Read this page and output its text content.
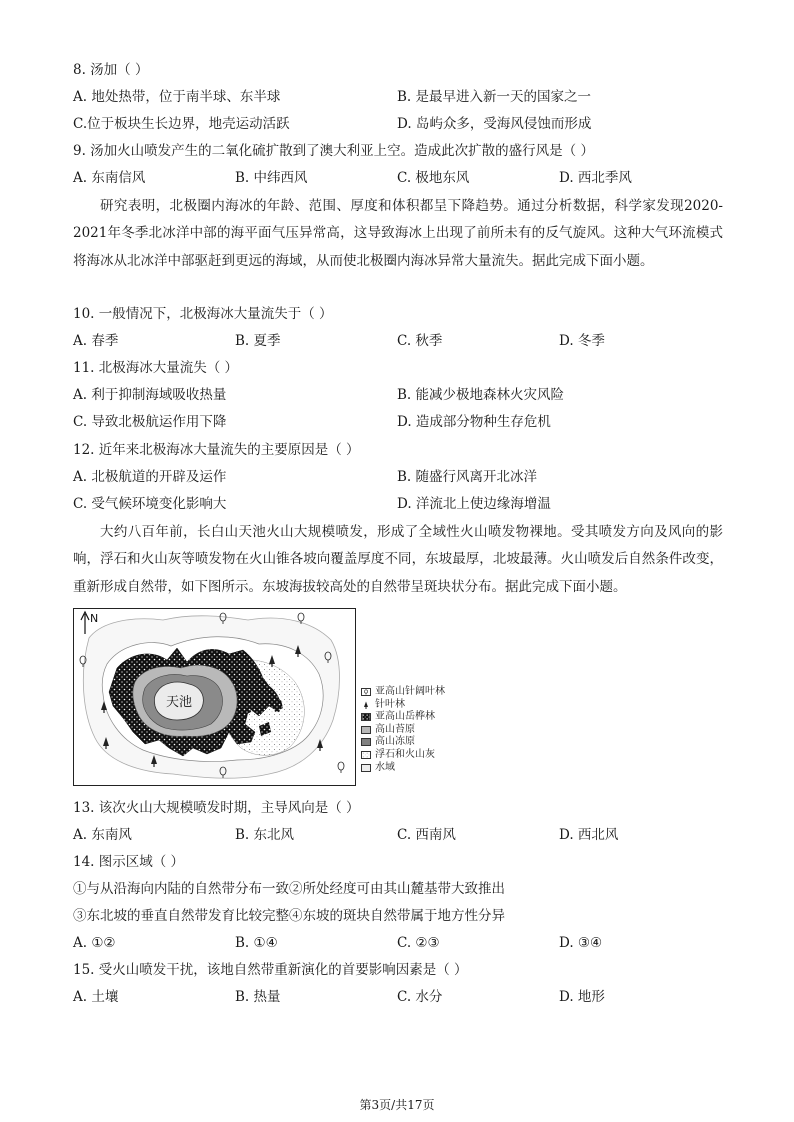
8. 汤加（ ）
A. 地处热带，位于南半球、东半球	B. 是最早进入新一天的国家之一
C.位于板块生长边界，地壳运动活跃	D. 岛屿众多，受海风侵蚀而形成
9. 汤加火山喷发产生的二氧化硫扩散到了澳大利亚上空。造成此次扩散的盛行风是（ ）
A. 东南信风	B. 中纬西风	C. 极地东风	D. 西北季风
研究表明，北极圈内海冰的年龄、范围、厚度和体积都呈下降趋势。通过分析数据，科学家发现2020-2021年冬季北冰洋中部的海平面气压异常高，这导致海冰上出现了前所未有的反气旋风。这种大气环流模式将海冰从北冰洋中部驱赶到更远的海域，从而使北极圈内海冰异常大量流失。据此完成下面小题。
10. 一般情况下，北极海冰大量流失于（ ）
A. 春季	B. 夏季	C. 秋季	D. 冬季
11. 北极海冰大量流失（ ）
A. 利于抑制海域吸收热量	B. 能减少极地森林火灾风险
C. 导致北极航运作用下降	D. 造成部分物种生存危机
12. 近年来北极海冰大量流失的主要原因是（ ）
A. 北极航道的开辟及运作	B. 随盛行风离开北冰洋
C. 受气候环境变化影响大	D. 洋流北上使边缘海增温
大约八百年前，长白山天池火山大规模喷发，形成了全域性火山喷发物裸地。受其喷发方向及风向的影响，浮石和火山灰等喷发物在火山锥各坡向覆盖厚度不同，东坡最厚，北坡最薄。火山喷发后自然条件改变，重新形成自然带，如下图所示。东坡海拔较高处的自然带呈斑块状分布。据此完成下面小题。
天池
N
亚高山针阔叶林
针叶林
亚高山岳桦林
高山苔原
高山冻原
浮石和火山灰
水域
13. 该次火山大规模喷发时期，主导风向是（ ）
A. 东南风	B. 东北风	C. 西南风	D. 西北风
14. 图示区域（ ）
①与从沿海向内陆的自然带分布一致②所处经度可由其山麓基带大致推出
③东北坡的垂直自然带发育比较完整④东坡的斑块自然带属于地方性分异
A. ①②	B. ①④	C. ②③	D. ③④
15. 受火山喷发干扰，该地自然带重新演化的首要影响因素是（ ）
A. 土壤	B. 热量	C. 水分	D. 地形
第3页/共17页
